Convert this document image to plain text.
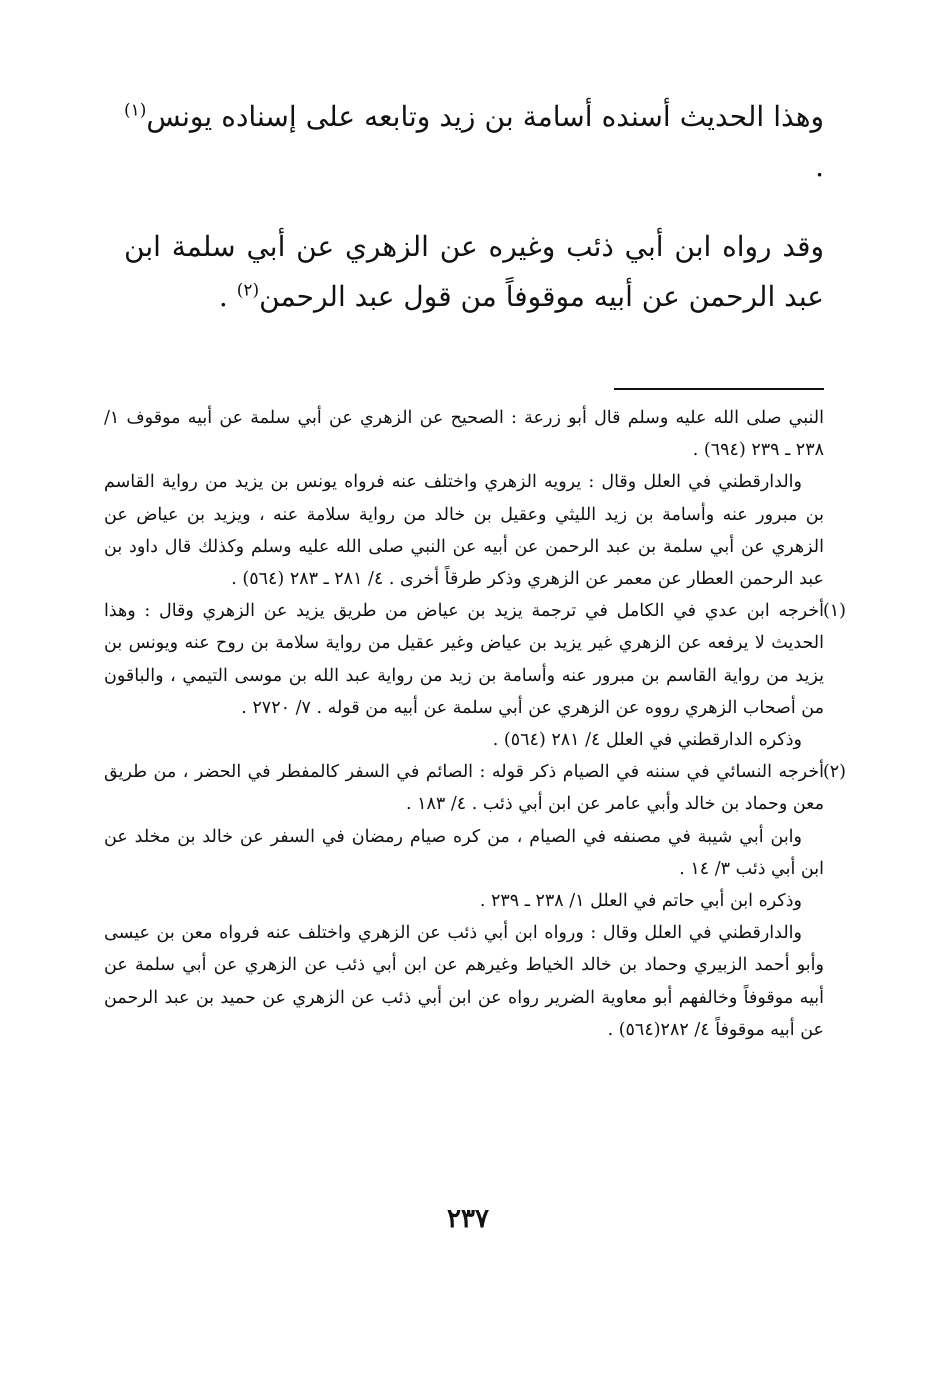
وهذا الحديث أسنده أسامة بن زيد وتابعه على إسناده يونس$^{(١)}$ .

وقد رواه ابن أبي ذئب وغيره عن الزهري عن أبي سلمة ابن عبد الرحمن عن أبيه موقوفاً من قول عبد الرحمن$^{(٢)}$ .

النبي صلى الله عليه وسلم قال أبو زرعة : الصحيح عن الزهري عن أبي سلمة عن أبيه موقوف ١/ ٢٣٨ ـ ٢٣٩ (٦٩٤) .

والدارقطني في العلل وقال : يرويه الزهري واختلف عنه فرواه يونس بن يزيد من رواية القاسم بن مبرور عنه وأسامة بن زيد الليثي وعقيل بن خالد من رواية سلامة عنه ، ويزيد بن عياض عن الزهري عن أبي سلمة بن عبد الرحمن عن أبيه عن النبي صلى الله عليه وسلم وكذلك قال داود بن عبد الرحمن العطار عن معمر عن الزهري وذكر طرقاً أخرى . ٤/ ٢٨١ ـ ٢٨٣ (٥٦٤) .

(١)

أخرجه ابن عدي في الكامل في ترجمة يزيد بن عياض من طريق يزيد عن الزهري وقال : وهذا الحديث لا يرفعه عن الزهري غير يزيد بن عياض وغير عقيل من رواية سلامة بن روح عنه ويونس بن يزيد من رواية القاسم بن مبرور عنه وأسامة بن زيد من رواية عبد الله بن موسى التيمي ، والباقون من أصحاب الزهري رووه عن الزهري عن أبي سلمة عن أبيه من قوله . ٧/ ٢٧٢٠ .

وذكره الدارقطني في العلل ٤/ ٢٨١ (٥٦٤) .

(٢)

أخرجه النسائي في سننه في الصيام ذكر قوله : الصائم في السفر كالمفطر في الحضر ، من طريق معن وحماد بن خالد وأبي عامر عن ابن أبي ذئب . ٤/ ١٨٣ .

وابن أبي شيبة في مصنفه في الصيام ، من كره صيام رمضان في السفر عن خالد بن مخلد عن ابن أبي ذئب ٣/ ١٤ .

وذكره ابن أبي حاتم في العلل ١/ ٢٣٨ ـ ٢٣٩ .

والدارقطني في العلل وقال : ورواه ابن أبي ذئب عن الزهري واختلف عنه فرواه معن بن عيسى وأبو أحمد الزبيري وحماد بن خالد الخياط وغيرهم عن ابن أبي ذئب عن الزهري عن أبي سلمة عن أبيه موقوفاً وخالفهم أبو معاوية الضرير رواه عن ابن أبي ذئب عن الزهري عن حميد بن عبد الرحمن عن أبيه موقوفاً ٤/ ٢٨٢(٥٦٤) .

٢٣٧
